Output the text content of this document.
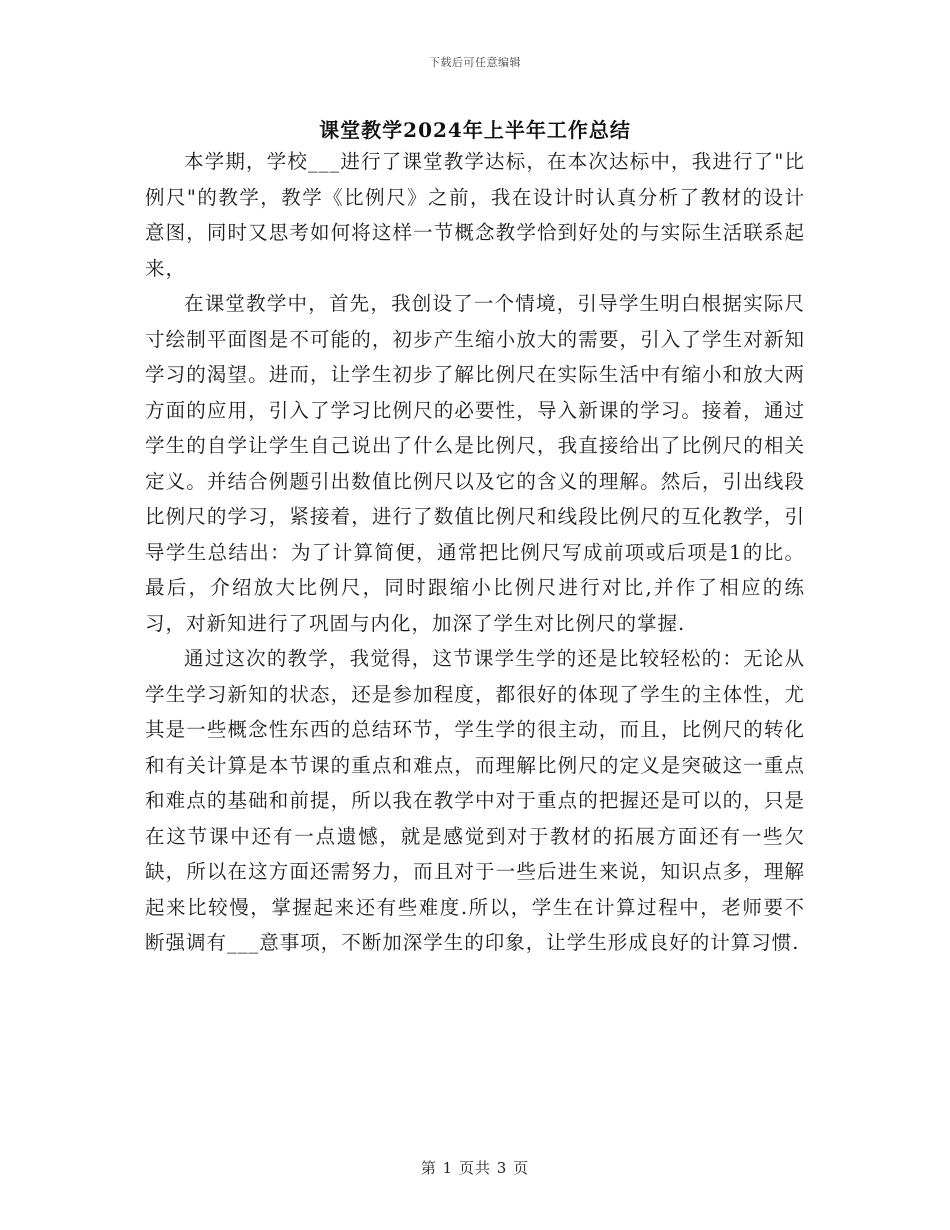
下载后可任意编辑
课堂教学2024年上半年工作总结

本学期，学校___进行了课堂教学达标，在本次达标中，我进行了"比例尺"的教学，教学《比例尺》之前，我在设计时认真分析了教材的设计意图，同时又思考如何将这样一节概念教学恰到好处的与实际生活联系起来，

在课堂教学中，首先，我创设了一个情境，引导学生明白根据实际尺寸绘制平面图是不可能的，初步产生缩小放大的需要，引入了学生对新知学习的渴望。进而，让学生初步了解比例尺在实际生活中有缩小和放大两方面的应用，引入了学习比例尺的必要性，导入新课的学习。接着，通过学生的自学让学生自己说出了什么是比例尺，我直接给出了比例尺的相关定义。并结合例题引出数值比例尺以及它的含义的理解。然后，引出线段比例尺的学习，紧接着，进行了数值比例尺和线段比例尺的互化教学，引导学生总结出：为了计算简便，通常把比例尺写成前项或后项是1的比。最后，介绍放大比例尺，同时跟缩小比例尺进行对比,并作了相应的练习，对新知进行了巩固与内化，加深了学生对比例尺的掌握.

通过这次的教学，我觉得，这节课学生学的还是比较轻松的：无论从学生学习新知的状态，还是参加程度，都很好的体现了学生的主体性，尤其是一些概念性东西的总结环节，学生学的很主动，而且，比例尺的转化和有关计算是本节课的重点和难点，而理解比例尺的定义是突破这一重点和难点的基础和前提，所以我在教学中对于重点的把握还是可以的，只是在这节课中还有一点遗憾，就是感觉到对于教材的拓展方面还有一些欠缺，所以在这方面还需努力，而且对于一些后进生来说，知识点多，理解起来比较慢，掌握起来还有些难度.所以，学生在计算过程中，老师要不断强调有___意事项，不断加深学生的印象，让学生形成良好的计算习惯.

第 1 页共 3 页
